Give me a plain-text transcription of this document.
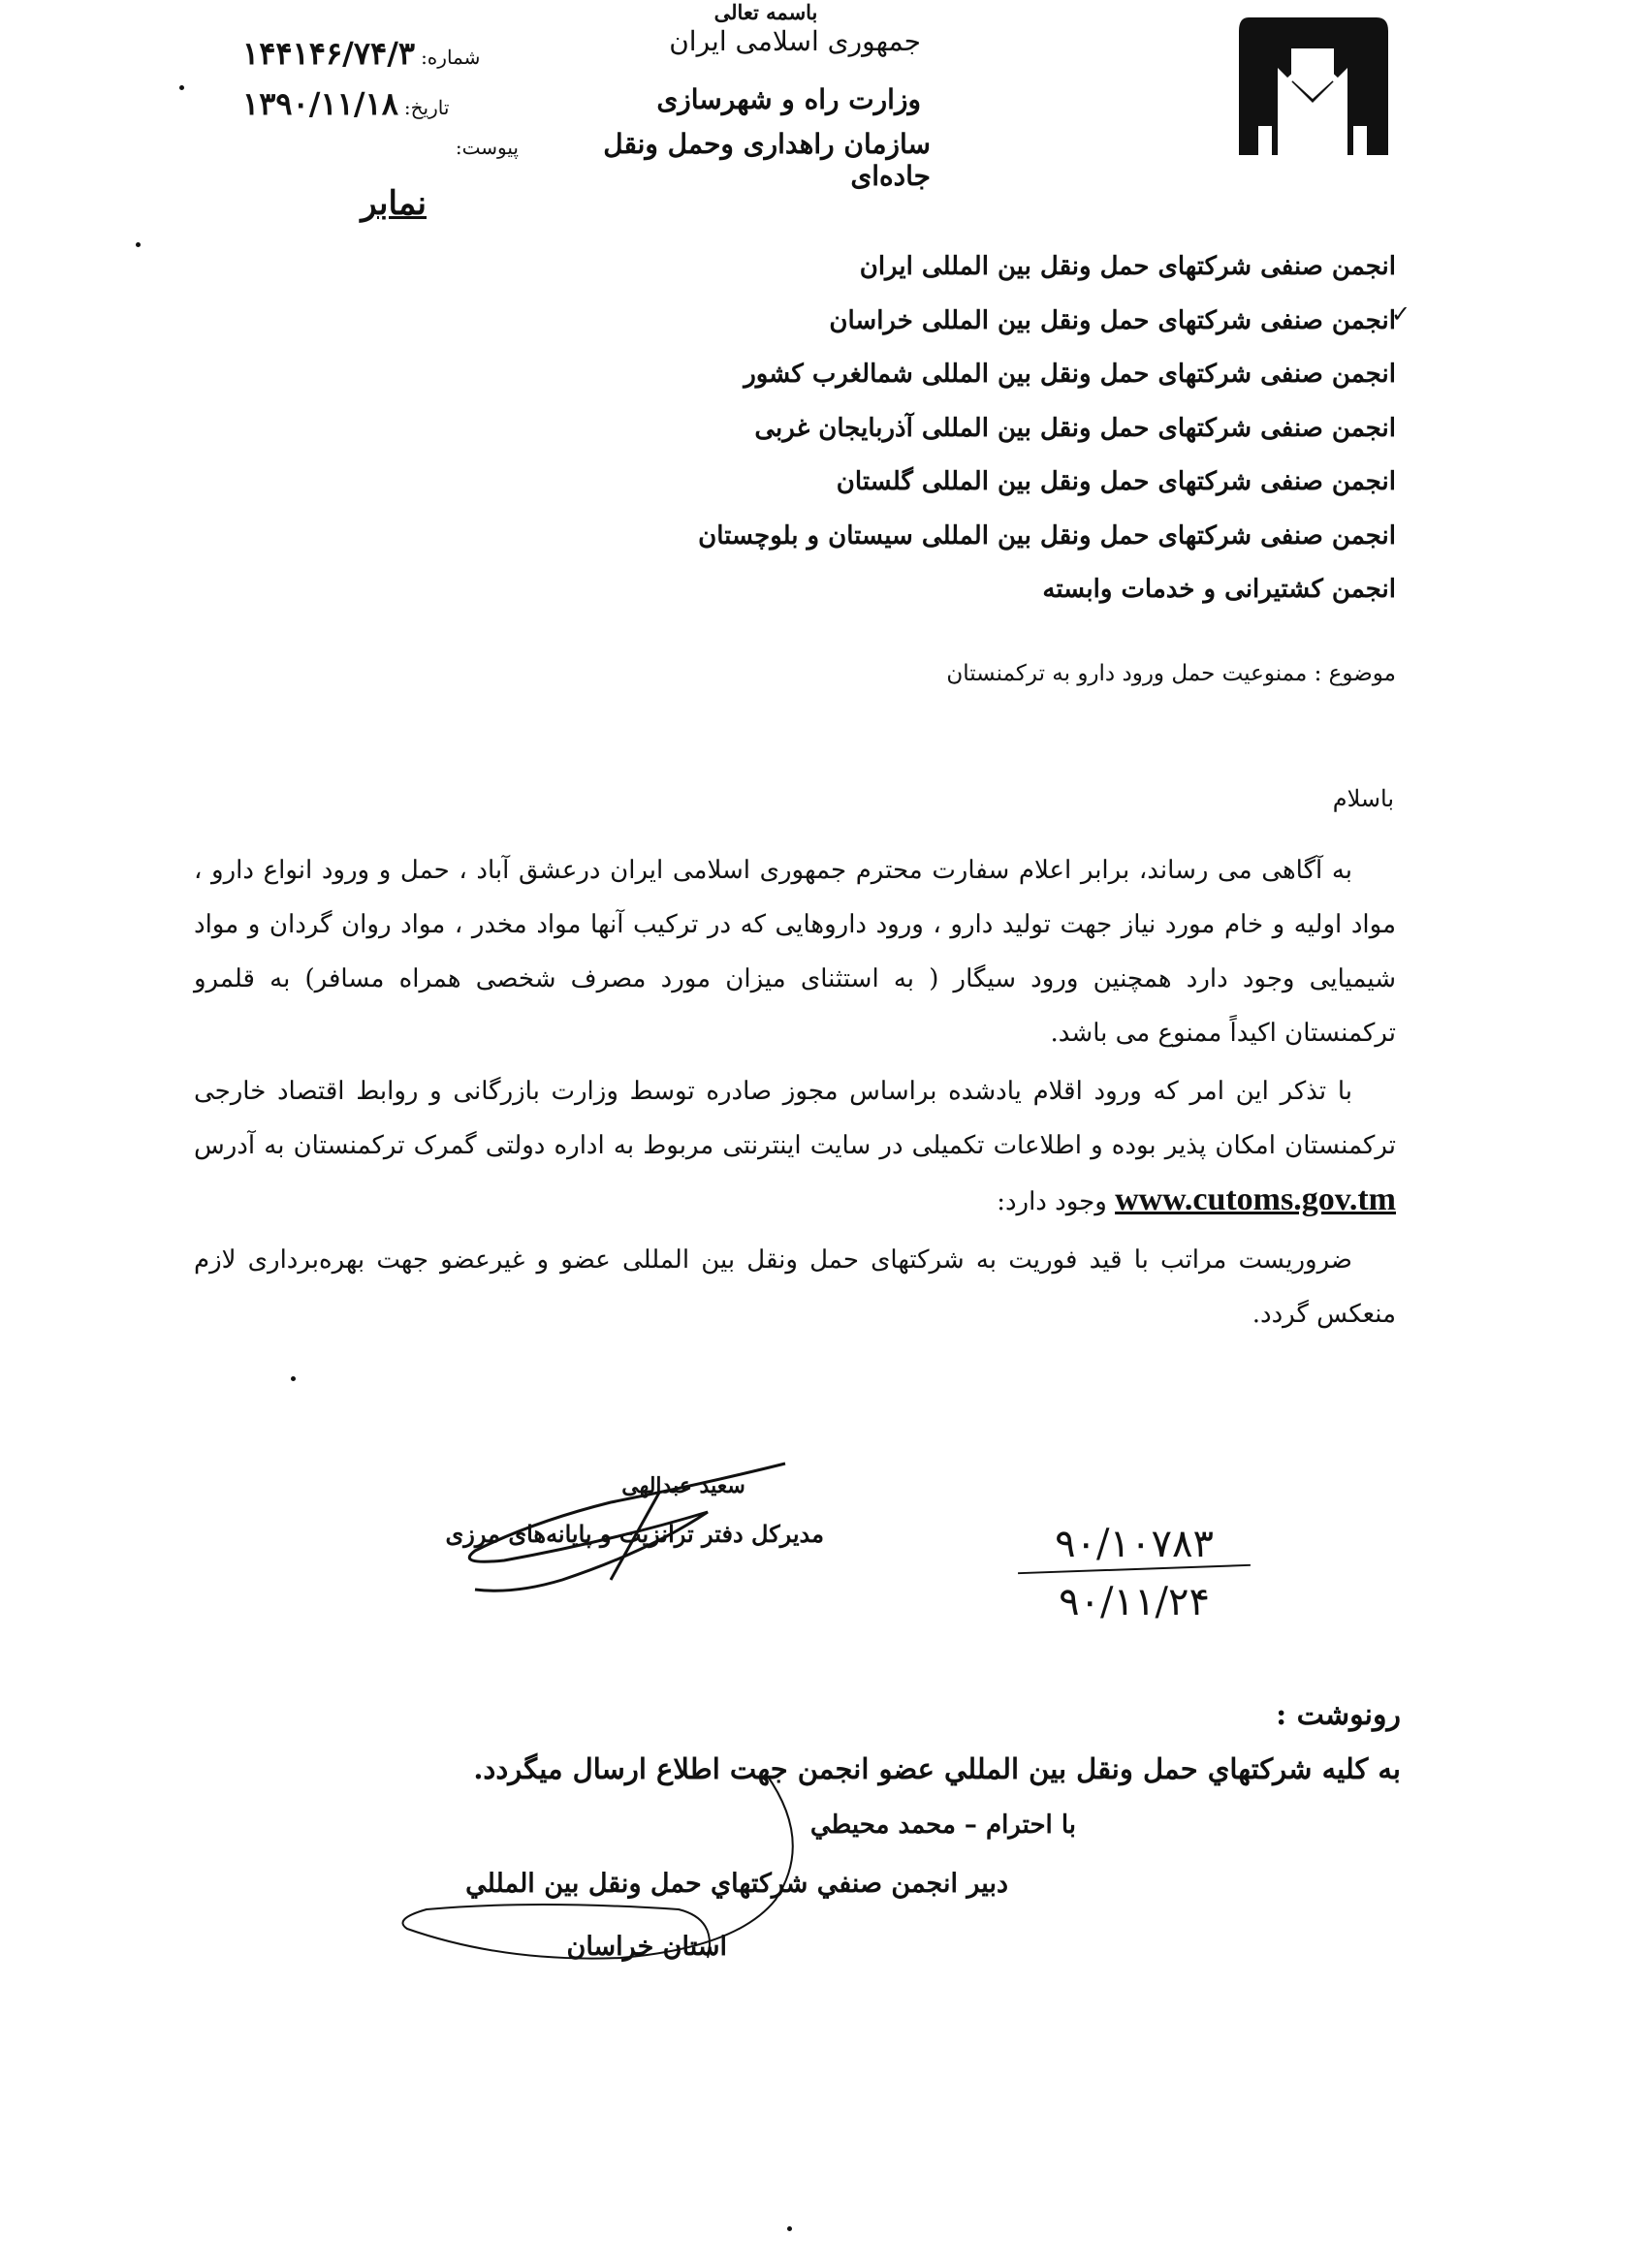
باسمه تعالی
جمهوری اسلامی ایران
وزارت راه و شهرسازی
سازمان راهداری وحمل ونقل جاده‌ای
۱۴۴۱۴۶/۷۴/۳ شماره:
۱۳۹۰/۱۱/۱۸ تاریخ:
پیوست:
نمابر
انجمن صنفی شرکتهای حمل ونقل بین المللی ایران
انجمن صنفی شرکتهای حمل ونقل بین المللی خراسان
انجمن صنفی شرکتهای حمل ونقل بین المللی شمالغرب کشور
انجمن صنفی شرکتهای حمل ونقل بین المللی آذربایجان غربی
انجمن صنفی شرکتهای حمل ونقل بین المللی گلستان
انجمن صنفی شرکتهای حمل ونقل بین المللی سیستان و بلوچستان
انجمن کشتیرانی و خدمات وابسته
✓
موضوع : ممنوعیت حمل ورود دارو به ترکمنستان
باسلام

به آگاهی می رساند، برابر اعلام سفارت محترم جمهوری اسلامی ایران درعشق آباد ، حمل و ورود انواع دارو ، مواد اولیه و خام مورد نیاز جهت تولید دارو ، ورود داروهایی که در ترکیب آنها مواد مخدر ، مواد روان گردان و مواد شیمیایی وجود دارد همچنین ورود سیگار ( به استثنای میزان مورد مصرف شخصی همراه مسافر) به قلمرو ترکمنستان اکیداً ممنوع می باشد.

با تذکر این امر که ورود اقلام یادشده براساس مجوز صادره توسط وزارت بازرگانی و روابط اقتصاد خارجی ترکمنستان امکان پذیر بوده و اطلاعات تکمیلی در سایت اینترنتی مربوط به اداره دولتی گمرک ترکمنستان به آدرس www.cutoms.gov.tm وجود دارد:

ضروریست مراتب با قید فوریت به شرکتهای حمل ونقل بین المللی عضو و غیرعضو جهت بهره‌برداری لازم منعکس گردد.

سعید عبدالهی
مدیرکل دفتر ترانزیت و پایانه‌های مرزی	۹۰/۱۰۷۸۳
۹۰/۱۱/۲۴
رونوشت :
به کلیه شرکتهاي حمل ونقل بين المللي عضو انجمن جهت اطلاع ارسال ميگردد.
با احترام – محمد محیطي
دبير انجمن صنفي شركتهاي حمل ونقل بين المللي
استان خراسان
